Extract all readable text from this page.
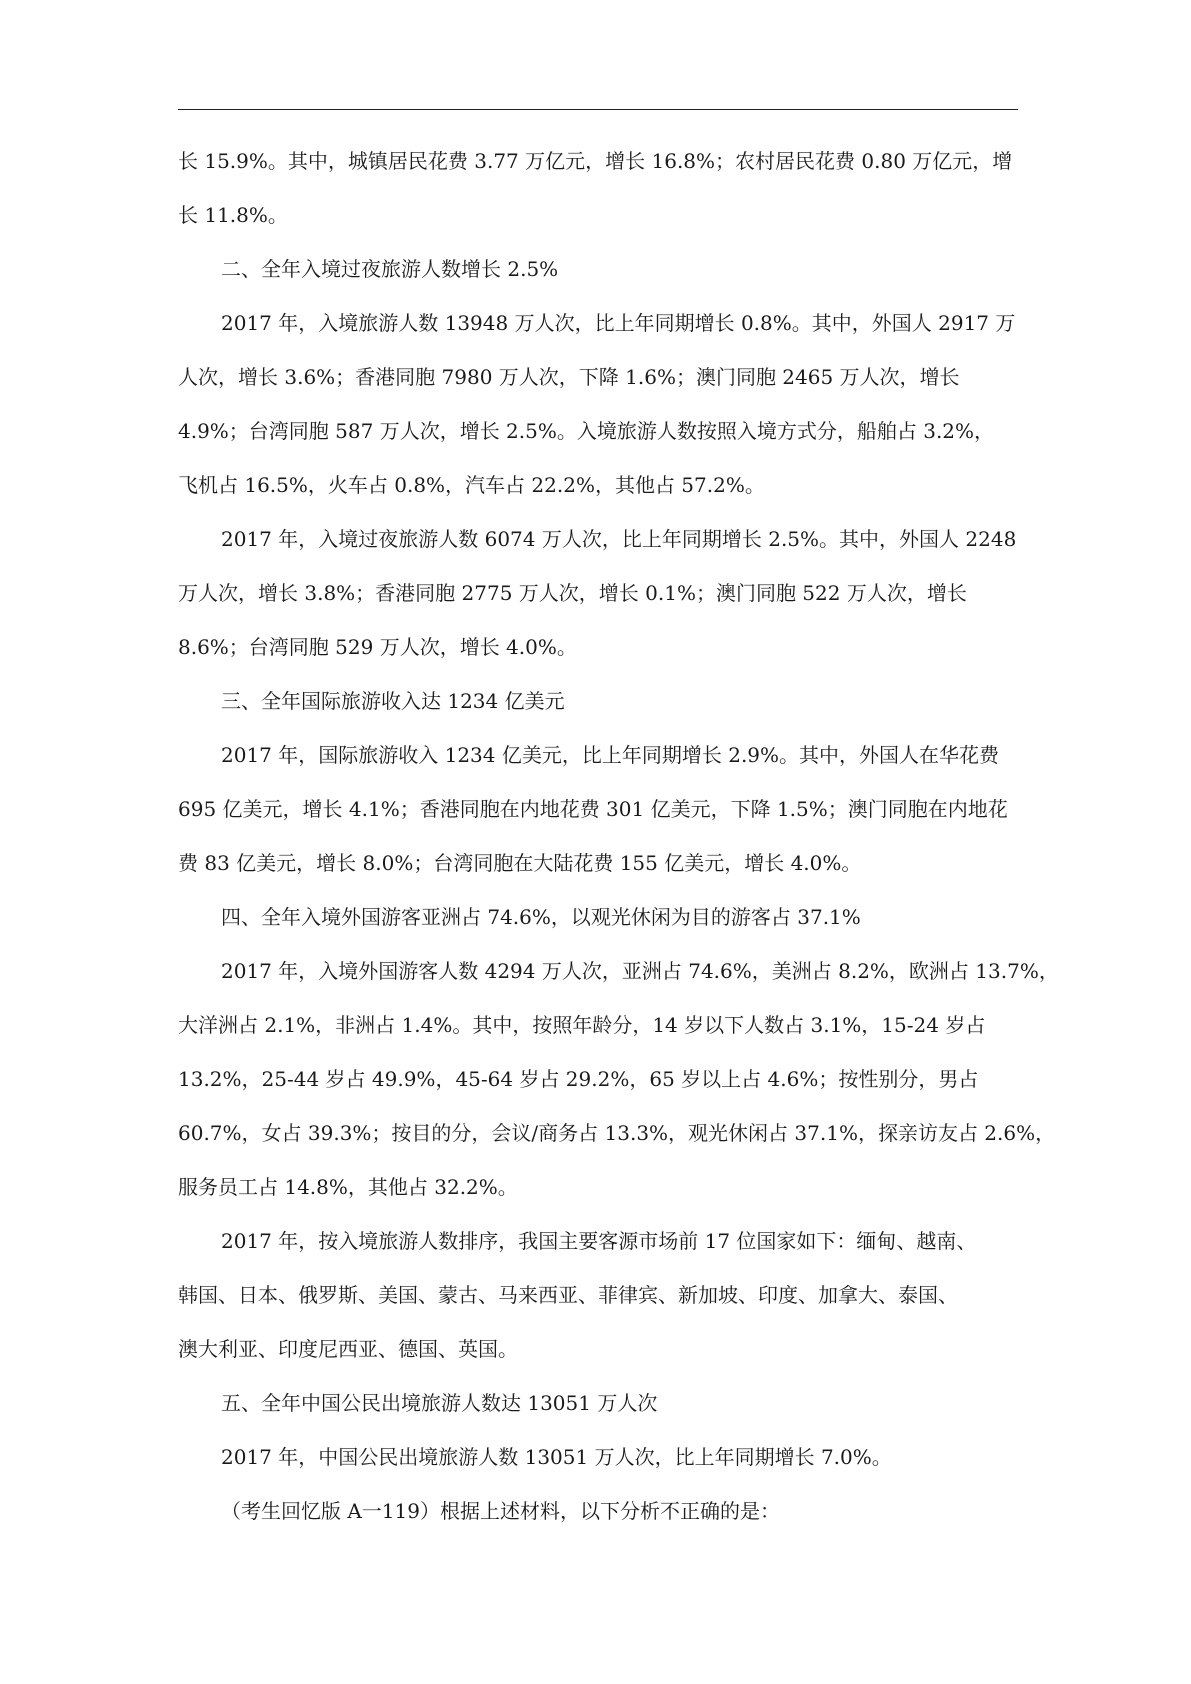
长 15.9%。其中，城镇居民花费 3.77 万亿元，增长 16.8%；农村居民花费 0.80 万亿元，增
长 11.8%。
二、全年入境过夜旅游人数增长 2.5%
2017 年，入境旅游人数 13948 万人次，比上年同期增长 0.8%。其中，外国人 2917 万
人次，增长 3.6%；香港同胞 7980 万人次，下降 1.6%；澳门同胞 2465 万人次，增长
4.9%；台湾同胞 587 万人次，增长 2.5%。入境旅游人数按照入境方式分，船舶占 3.2%，
飞机占 16.5%，火车占 0.8%，汽车占 22.2%，其他占 57.2%。
2017 年，入境过夜旅游人数 6074 万人次，比上年同期增长 2.5%。其中，外国人 2248
万人次，增长 3.8%；香港同胞 2775 万人次，增长 0.1%；澳门同胞 522 万人次，增长
8.6%；台湾同胞 529 万人次，增长 4.0%。
三、全年国际旅游收入达 1234 亿美元
2017 年，国际旅游收入 1234 亿美元，比上年同期增长 2.9%。其中，外国人在华花费
695 亿美元，增长 4.1%；香港同胞在内地花费 301 亿美元，下降 1.5%；澳门同胞在内地花
费 83 亿美元，增长 8.0%；台湾同胞在大陆花费 155 亿美元，增长 4.0%。
四、全年入境外国游客亚洲占 74.6%，以观光休闲为目的游客占 37.1%
2017 年，入境外国游客人数 4294 万人次，亚洲占 74.6%，美洲占 8.2%，欧洲占 13.7%，
大洋洲占 2.1%，非洲占 1.4%。其中，按照年龄分，14 岁以下人数占 3.1%，15-24 岁占
13.2%，25-44 岁占 49.9%，45-64 岁占 29.2%，65 岁以上占 4.6%；按性别分，男占
60.7%，女占 39.3%；按目的分，会议/商务占 13.3%，观光休闲占 37.1%，探亲访友占 2.6%，
服务员工占 14.8%，其他占 32.2%。
2017 年，按入境旅游人数排序，我国主要客源市场前 17 位国家如下：缅甸、越南、
韩国、日本、俄罗斯、美国、蒙古、马来西亚、菲律宾、新加坡、印度、加拿大、泰国、
澳大利亚、印度尼西亚、德国、英国。
五、全年中国公民出境旅游人数达 13051 万人次
2017 年，中国公民出境旅游人数 13051 万人次，比上年同期增长 7.0%。
（考生回忆版 A一119）根据上述材料，以下分析不正确的是：
